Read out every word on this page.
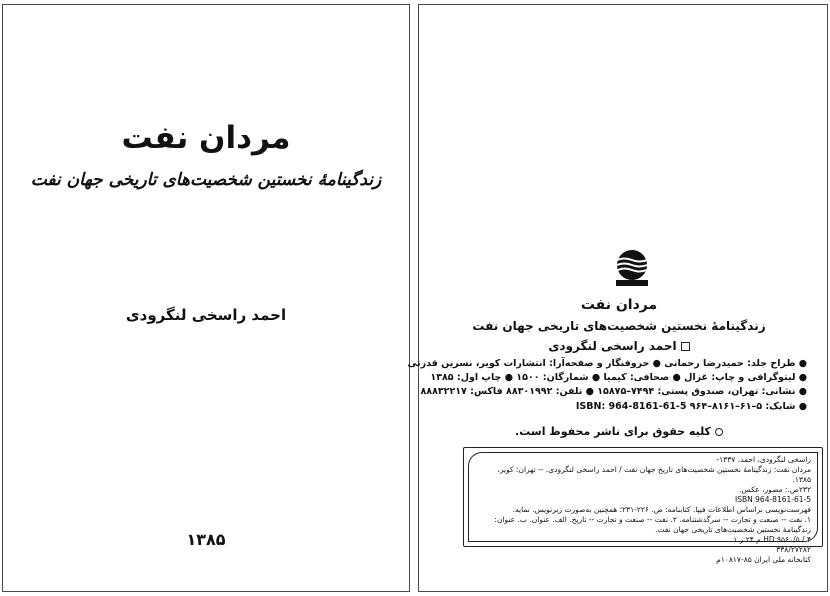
مردان نفت
زندگینامهٔ نخستین شخصیت‌های تاریخی جهان نفت
احمد راسخی لنگرودی
۱۳۸۵
مردان نفت
زندگینامهٔ نخستین شخصیت‌های تاریخی جهان نفت
احمد راسخی لنگرودی
● طراح جلد: حمیدرضا رحمانی ● حروفنگار و صفحه‌آرا: انتشارات کویر، نسرین قدرتی
● لیتوگرافی و چاپ: غزال ● صحافی: کیمیا ● شمارگان: ۱۵۰۰ ● چاپ اول: ۱۳۸۵
● نشانی: تهران، صندوق پستی: ۷۴۹۴–۱۵۸۷۵ ● تلفن: ۸۸۳۰۱۹۹۲ فاکس: ۸۸۸۳۲۲۱۷
● شابک: ۵–۶۱–۸۱۶۱–۹۶۴ ISBN: 964-8161-61-5
کلیه حقوق برای ناشر محفوظ است.
راسخی لنگرودی، احمد، ۱۳۳۷-
مردان نفت: زندگینامهٔ نخستین شخصیت‌های تاریخ جهان نفت / احمد راسخی لنگرودی. -- تهران: کویر،
۱۳۸۵.
۲۳۲ص.: مصور، عکس.
ISBN 964-8161-61-5
فهرست‌نویسی براساس اطلاعات فیپا. کتابنامه: ص. ۲۲۶-۲۳۱؛ همچنین به‌صورت زیرنویس. نمایه.
۱. نفت -- صنعت و تجارت -- سرگذشتنامه. ۲. نفت -- صنعت و تجارت -- تاریخ. الف. عنوان. ب. عنوان:
زندگینامهٔ نخستین شخصیت‌های تاریخی جهان نفت.
HD ۹۵۶۰/۵ / ۴ م ۲۴ ر ۱
۳۳۸/۲۷۲۸۲
کتابخانه ملی ایران ۸۵-۱۰۸۱۷م
